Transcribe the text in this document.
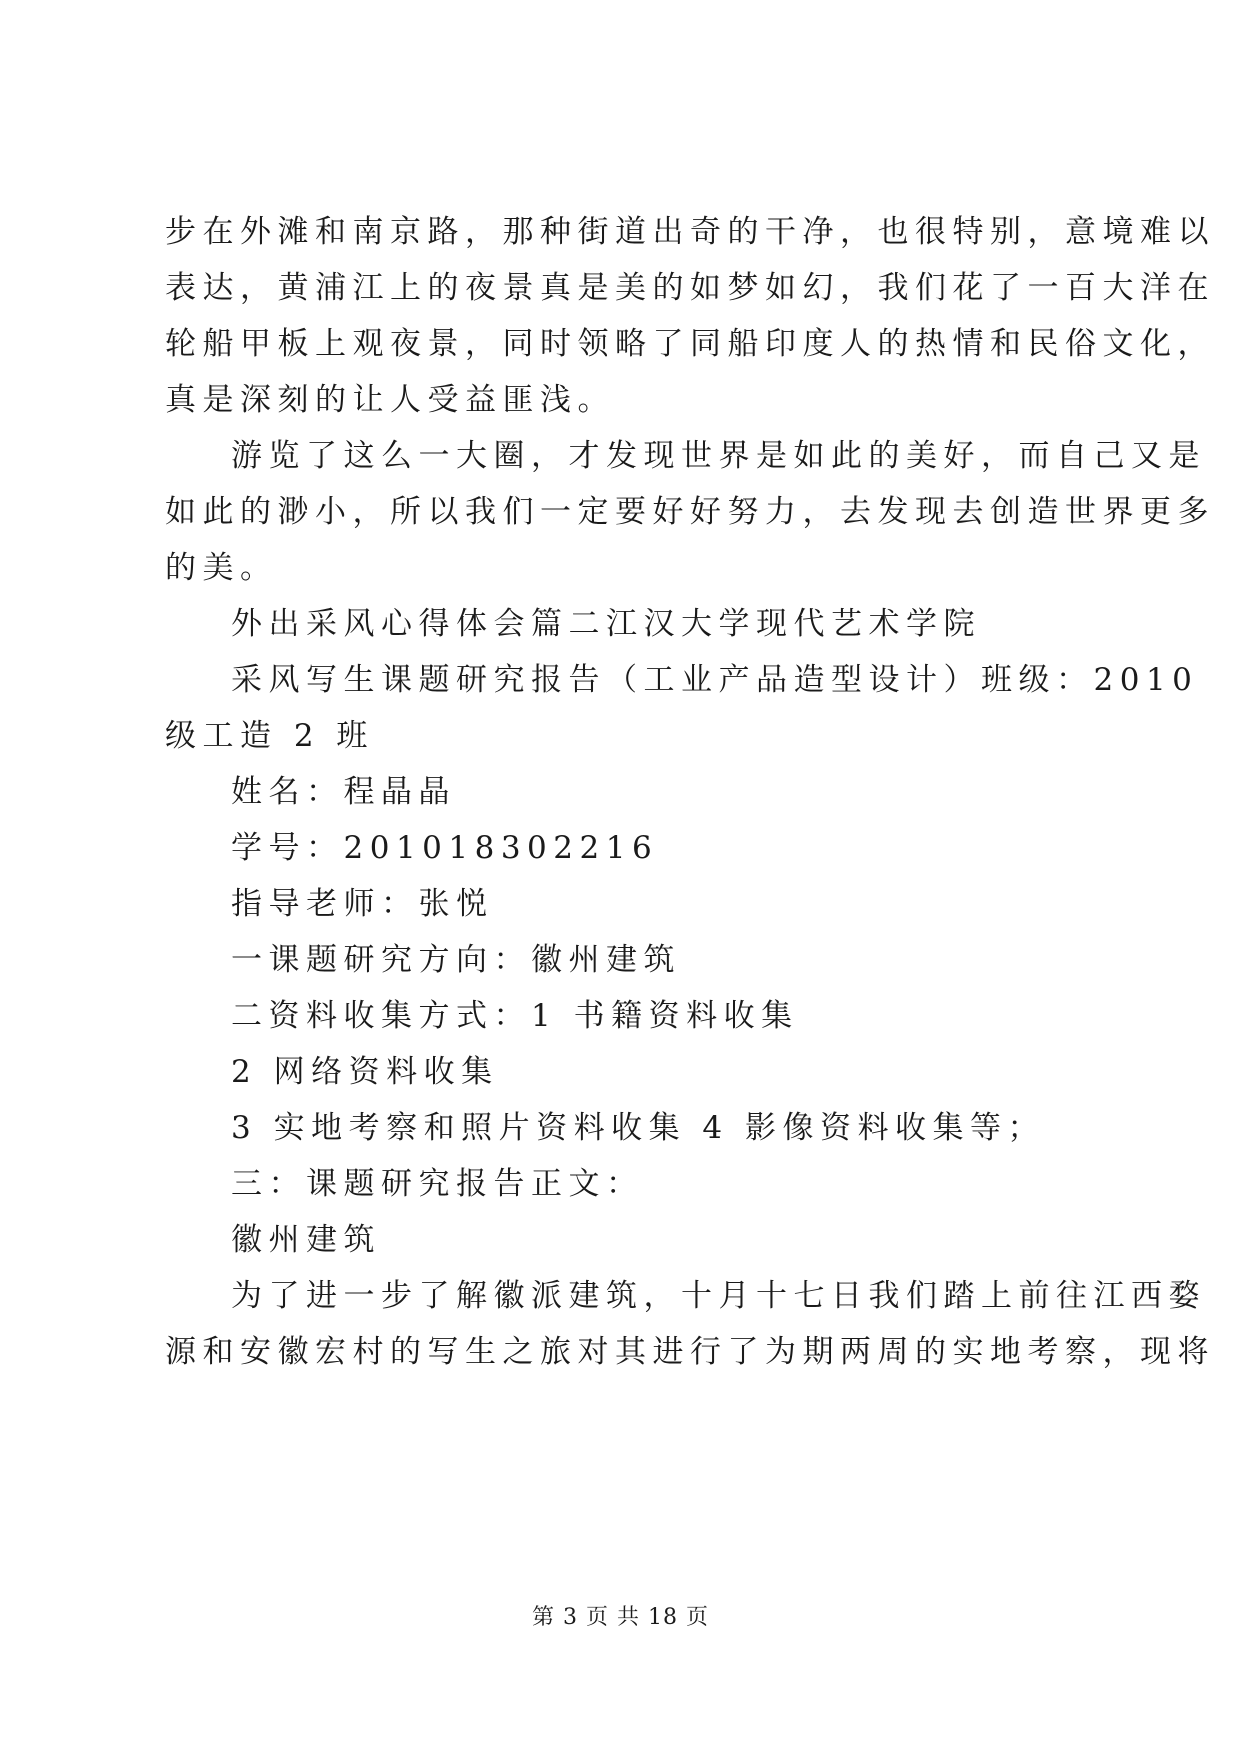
步在外滩和南京路，那种街道出奇的干净，也很特别，意境难以
表达，黄浦江上的夜景真是美的如梦如幻，我们花了一百大洋在
轮船甲板上观夜景，同时领略了同船印度人的热情和民俗文化，
真是深刻的让人受益匪浅。
游览了这么一大圈，才发现世界是如此的美好，而自己又是
如此的渺小，所以我们一定要好好努力，去发现去创造世界更多
的美。
外出采风心得体会篇二江汉大学现代艺术学院
采风写生课题研究报告（工业产品造型设计）班级：2010
级工造 2 班
姓名：程晶晶
学号：201018302216
指导老师：张悦
一课题研究方向：徽州建筑
二资料收集方式：1 书籍资料收集
2 网络资料收集
3 实地考察和照片资料收集 4 影像资料收集等；
三：课题研究报告正文：
徽州建筑
为了进一步了解徽派建筑，十月十七日我们踏上前往江西婺
源和安徽宏村的写生之旅对其进行了为期两周的实地考察，现将
第 3 页 共 18 页
